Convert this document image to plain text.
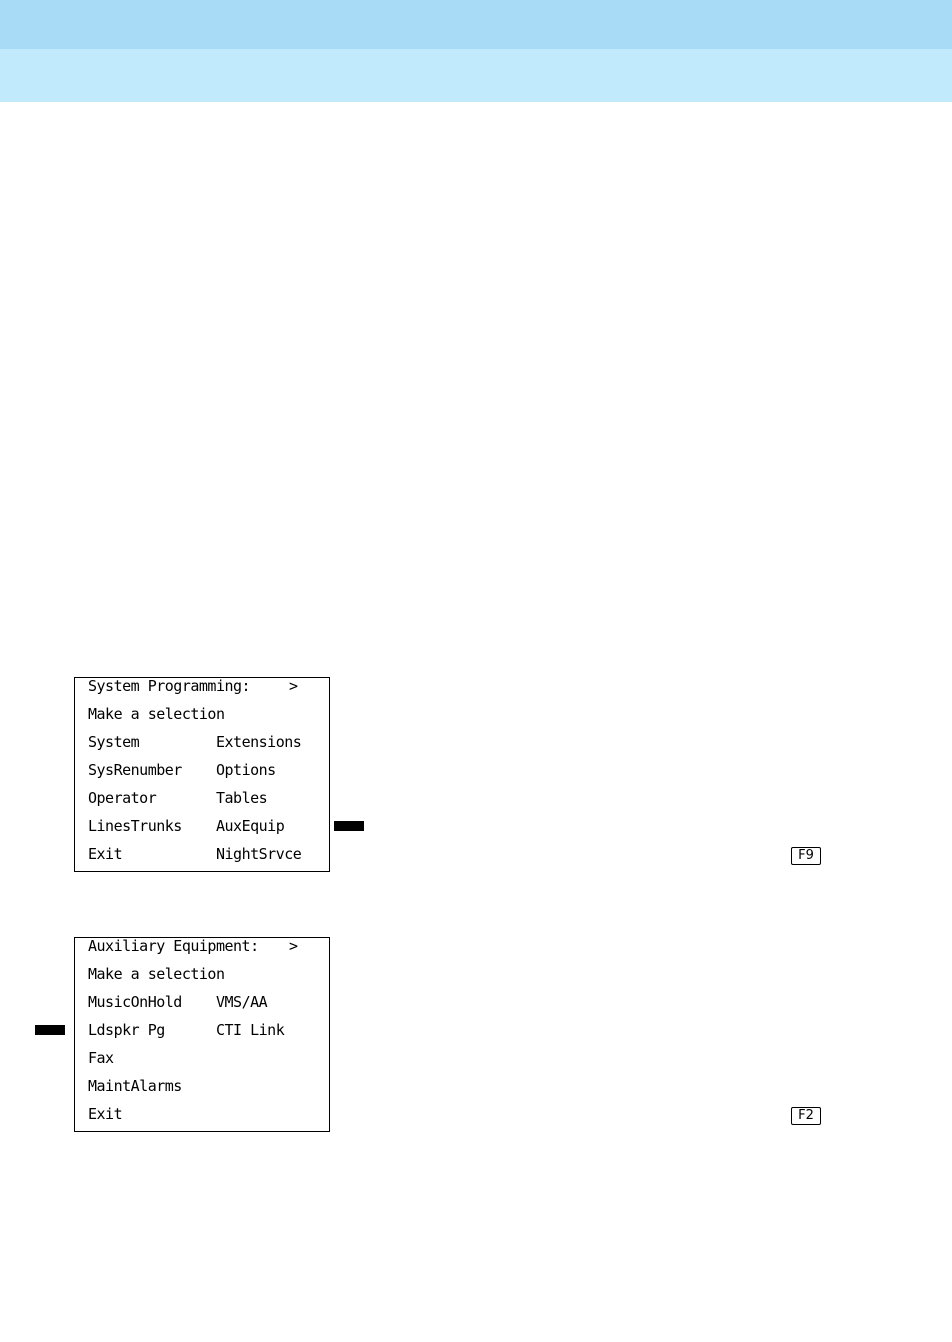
System Programming:	>
Make a selection
System	Extensions
SysRenumber Options
Operator	Tables
LinesTrunks AuxEquip
Exit	NightSrvce	F9
Auxiliary Equipment: >
Make a selection
MusicOnHold VMS/AA
Ldspkr Pg	CTI Link
Fax
MaintAlarms
Exit	F2
